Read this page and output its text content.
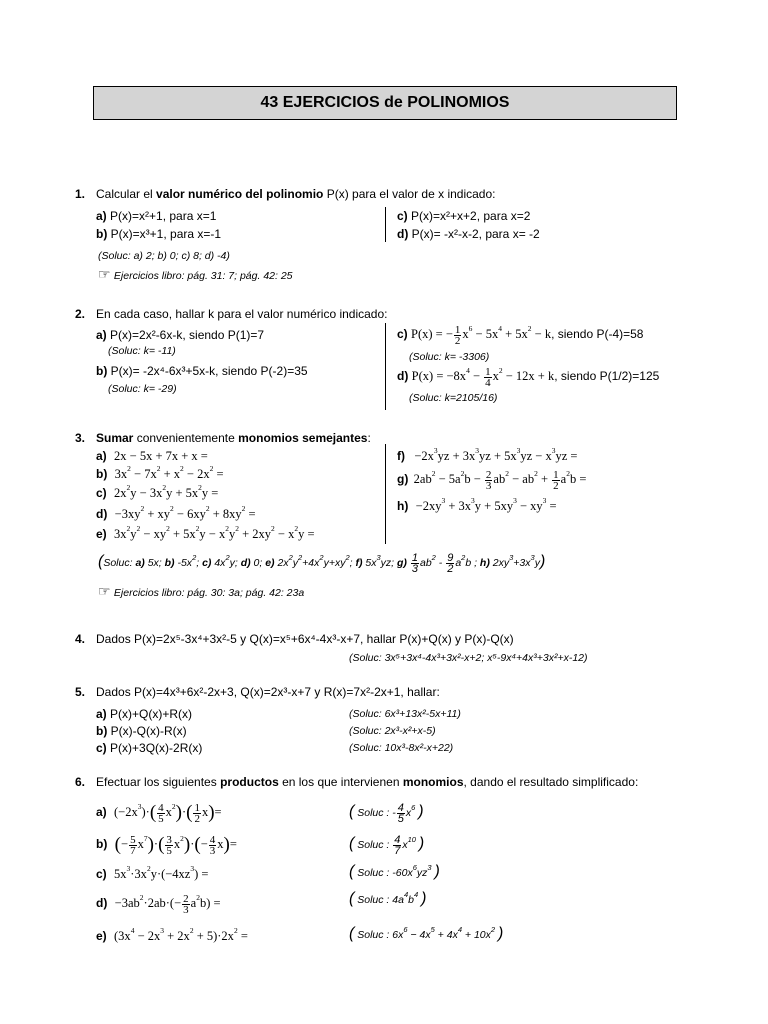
43 EJERCICIOS de POLINOMIOS
1. Calcular el valor numérico del polinomio P(x) para el valor de x indicado:
a) P(x)=x²+1, para x=1
b) P(x)=x³+1, para x=-1
c) P(x)=x²+x+2, para x=2
d) P(x)= -x²-x-2, para x= -2
(Soluc: a) 2; b) 0; c) 8; d) -4)
☞ Ejercicios libro: pág. 31: 7; pág. 42: 25
2. En cada caso, hallar k para el valor numérico indicado:
a) P(x)=2x²-6x-k, siendo P(1)=7
(Soluc: k= -11)
b) P(x)= -2x⁴-6x³+5x-k, siendo P(-2)=35
(Soluc: k= -29)
c) P(x) = − $\frac{1}{2} x^6 - 5x^4 + 5x^2 - k$, siendo P(-4)=58
(Soluc: k= -3306)
d) $P(x) = -8x^4 - \frac{1}{4} x^2 - 12x + k$, siendo P(1/2)=125
(Soluc: k=2105/16)
3. Sumar convenientemente monomios semejantes:
a) 2x − 5x + 7x + x =
b) $3x^2 - 7x^2 + x^2 - 2x^2$ =
c) $2x^2y - 3x^2y + 5x^2y$ =
$d) -3xy^2 + xy^2 - 6xy^2 + 8xy^2$ =
e) $3x^2y^2 - xy^2 + 5x^2y - x^2y^2 + 2xy^2 - x^2y$ =
$f) -2x^3yz + 3x^3yz + 5x^3yz - x^3yz$ =
g) $2ab^2 - 5a^2b - \frac{2}{3} ab^2 - ab^2 + \frac{1}{2} a^2b$ =
$h) -2xy^3 + 3x^3y + 5xy^3 - xy^3$ =
(Soluc: a) 5x; b) $-5x^2$; c) $4x^2y$; d) 0; e) $2x^2y^2+4x^2y+xy^2$; f) $5x^3yz$; $g) \frac{1}{3} ab^2 - \frac{9}{2} a^2b$ ; h) $2xy^3+3x^3y$)
☞ Ejercicios libro: pág. 30: 3a; pág. 42: 23a
4. Dados P(x)=2x⁵-3x⁴+3x²-5 y Q(x)=x⁵+6x⁴-4x³-x+7, hallar P(x)+Q(x) y P(x)-Q(x)
(Soluc: 3x⁵+3x⁴-4x³+3x²-x+2; x⁵-9x⁴+4x³+3x²+x-12)
5. Dados P(x)=4x³+6x²-2x+3, Q(x)=2x³-x+7 y R(x)=7x²-2x+1, hallar:
a) P(x)+Q(x)+R(x)	(Soluc: 6x³+13x²-5x+11)
b) P(x)-Q(x)-R(x)	(Soluc: 2x³-x²+x-5)
c) P(x)+3Q(x)-2R(x)	(Soluc: 10x³-8x²-x+22)
6. Efectuar los siguientes productos en los que intervienen monomios, dando el resultado simplificado:
a) $(-2x^3)\cdot( \frac{4}{5} x^2)\cdot( \frac{1}{2} x)=$	( Soluc : - $\frac{4}{5} x^6$ )
b) (− $\frac{5}{7} x^7)\cdot( \frac{3}{5} x^2)\cdot(- \frac{4}{3} x)=$	( Soluc : $\frac{4}{7} x^{10}$ )
c) $5x^3\cdot 3x^2y\cdot(-4xz^3)$ =	( Soluc : $-60x^6yz^3$ )
$d) -3ab^2\cdot 2ab\cdot(- \frac{2}{3} a^2b)$ =	( Soluc : $4a^4b^4$ )
e) $(3x^4 - 2x^3 + 2x^2 + 5)\cdot 2x^2$ =	( Soluc : $6x^6 - 4x^5 + 4x^4 + 10x^2$ )
